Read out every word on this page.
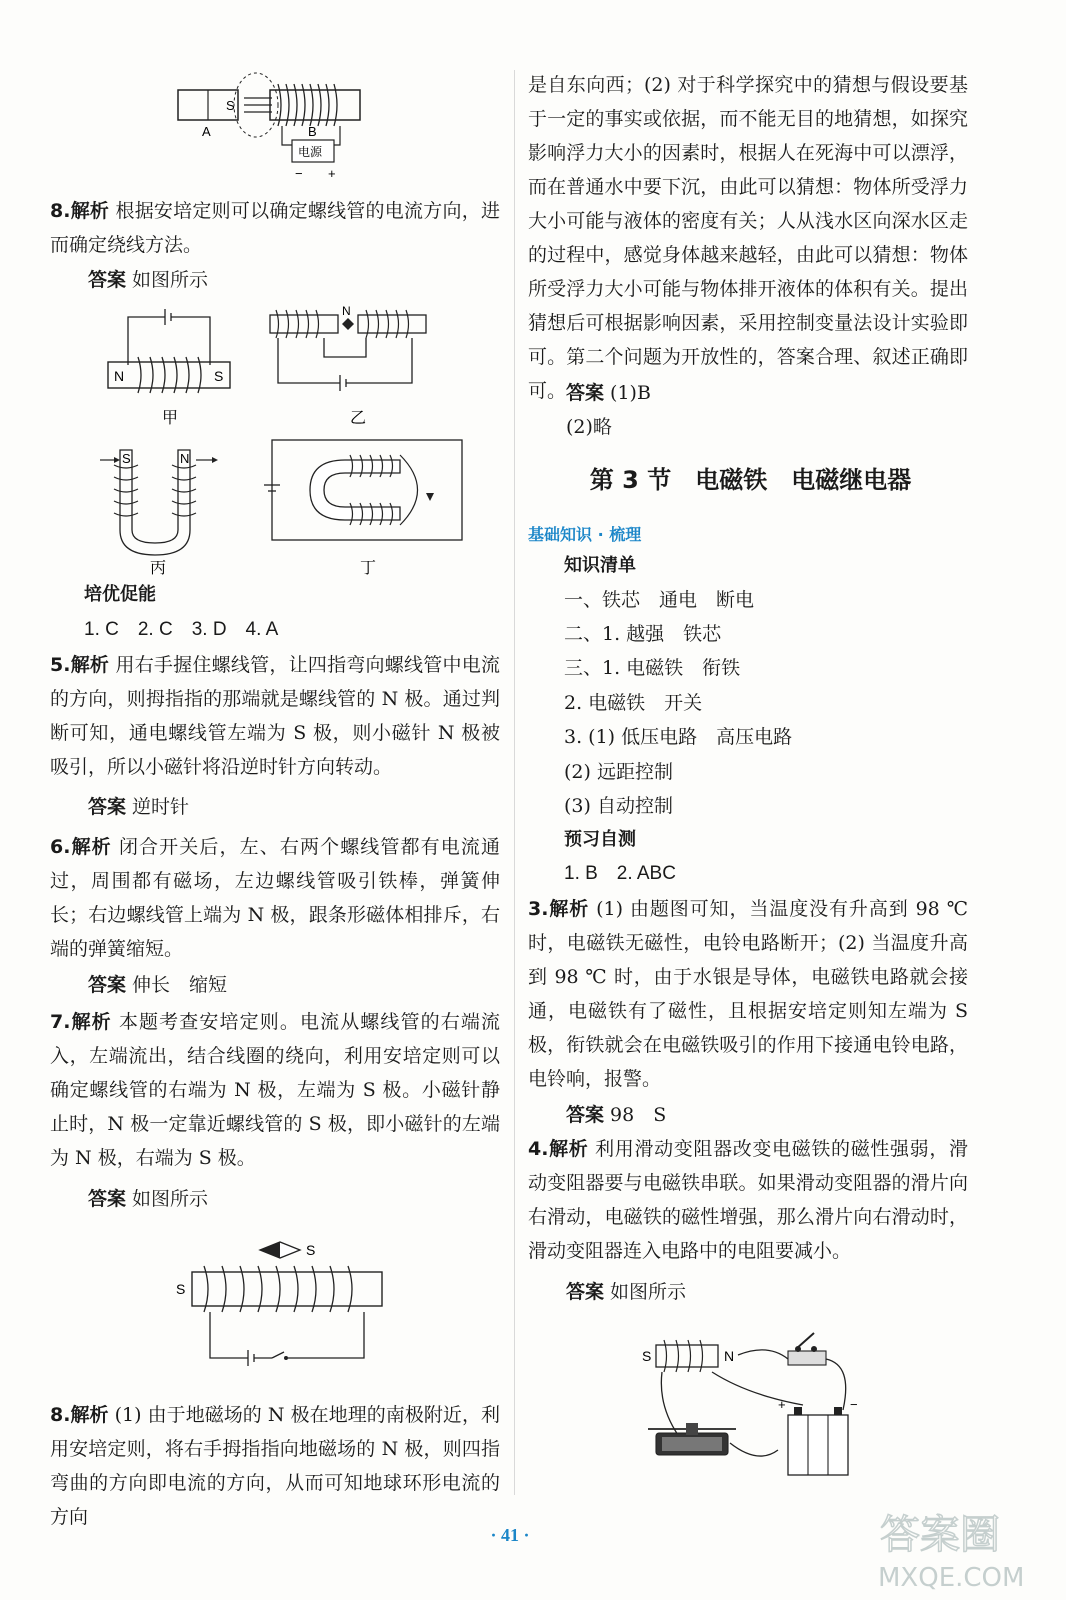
S
A	B
电源
− +
8.解析 根据安培定则可以确定螺线管的电流方向，进而确定绕线方法。
答案 如图所示
N	S
甲
N
乙
S	N
丙	丁
培优促能
1. C　2. C　3. D　4. A
5.解析 用右手握住螺线管，让四指弯向螺线管中电流的方向，则拇指指的那端就是螺线管的 N 极。通过判断可知，通电螺线管左端为 S 极，则小磁针 N 极被吸引，所以小磁针将沿逆时针方向转动。
答案 逆时针
6.解析 闭合开关后，左、右两个螺线管都有电流通过，周围都有磁场，左边螺线管吸引铁棒，弹簧伸长；右边螺线管上端为 N 极，跟条形磁体相排斥，右端的弹簧缩短。
答案 伸长　缩短
7.解析 本题考查安培定则。电流从螺线管的右端流入，左端流出，结合线圈的绕向，利用安培定则可以确定螺线管的右端为 N 极，左端为 S 极。小磁针静止时，N 极一定靠近螺线管的 S 极，即小磁针的左端为 N 极，右端为 S 极。
答案 如图所示
S
S
8.解析 (1) 由于地磁场的 N 极在地理的南极附近，利用安培定则，将右手拇指指向地磁场的 N 极，则四指弯曲的方向即电流的方向，从而可知地球环形电流的方向
是自东向西；(2) 对于科学探究中的猜想与假设要基于一定的事实或依据，而不能无目的地猜想，如探究影响浮力大小的因素时，根据人在死海中可以漂浮，而在普通水中要下沉，由此可以猜想：物体所受浮力大小可能与液体的密度有关；人从浅水区向深水区走的过程中，感觉身体越来越轻，由此可以猜想：物体所受浮力大小可能与物体排开液体的体积有关。提出猜想后可根据影响因素，采用控制变量法设计实验即可。第二个问题为开放性的，答案合理、叙述正确即可。 答案 (1)B
(2)略
第 3 节　电磁铁　电磁继电器
基础知识 · 梳理
知识清单
一、铁芯　通电　断电
二、1. 越强　铁芯
三、1. 电磁铁　衔铁
2. 电磁铁　开关
3. (1) 低压电路　高压电路
(2) 远距控制
(3) 自动控制
预习自测
1. B　2. ABC
3.解析 (1) 由题图可知，当温度没有升高到 98 ℃ 时，电磁铁无磁性，电铃电路断开；(2) 当温度升高到 98 ℃ 时，由于水银是导体，电磁铁电路就会接通，电磁铁有了磁性，且根据安培定则知左端为 S 极，衔铁就会在电磁铁吸引的作用下接通电铃电路，电铃响，报警。
答案 98　S
4.解析 利用滑动变阻器改变电磁铁的磁性强弱，滑动变阻器要与电磁铁串联。如果滑动变阻器的滑片向右滑动，电磁铁的磁性增强，那么滑片向右滑动时，滑动变阻器连入电路中的电阻要减小。
答案 如图所示
S	N
+	−
· 41 ·	答案圈
MXQE.COM
